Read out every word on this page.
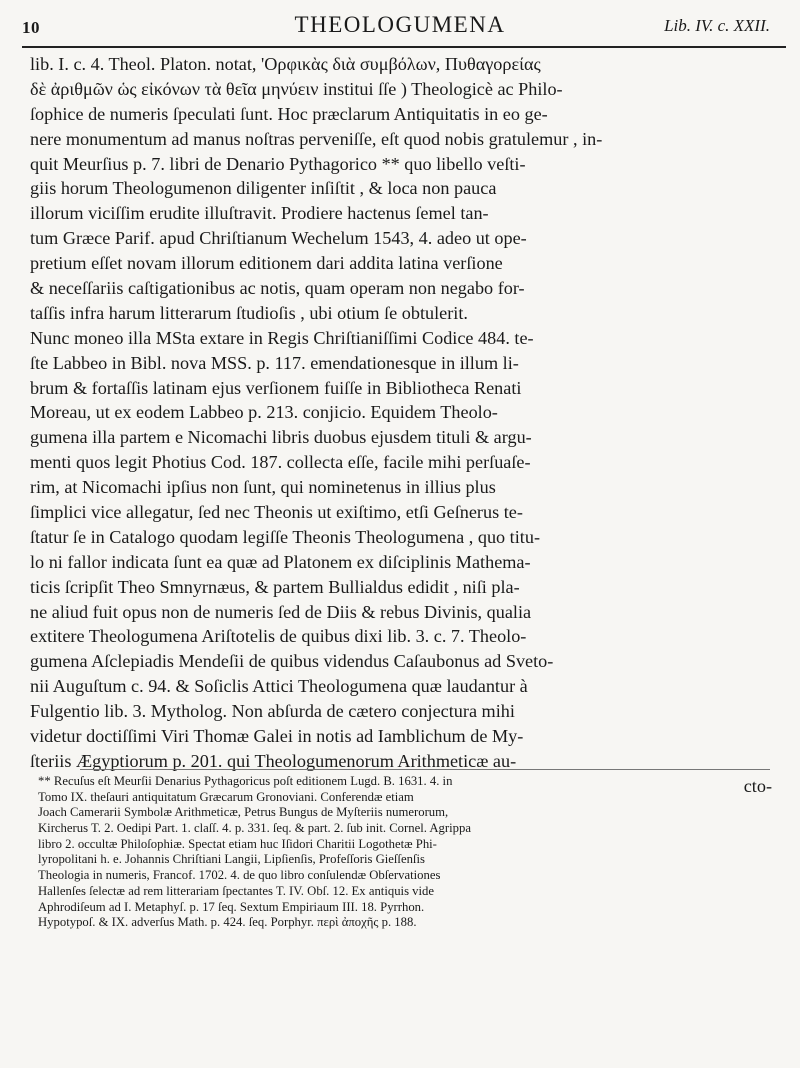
10	THEOLOGUMENA	Lib. IV. c. XXII.
lib. I. c. 4. Theol. Platon. notat, 'Ορφικὰς διὰ συμβόλων, Πυθαγορείας
δὲ ἀριθμῶν ὡς εἰκόνων τὰ θεῖα μηνύειν institui ſſe ) Theologicè ac Philo-
ſophice de numeris ſpeculati ſunt. Hoc præclarum Antiquitatis in eo ge-
nere monumentum ad manus noſtras perveniſſe, eſt quod nobis gratulemur , in-
quit Meurſius p. 7. libri de Denario Pythagorico ** quo libello veſti-
giis horum Theologumenon diligenter inſiſtit , & loca non pauca
illorum viciſſim erudite illuſtravit. Prodiere hactenus ſemel tan-
tum Græce Parif. apud Chriſtianum Wechelum 1543, 4. adeo ut ope-
pretium eſſet novam illorum editionem dari addita latina verſione
& neceſſariis caſtigationibus ac notis, quam operam non negabo for-
taſſis infra harum litterarum ſtudioſis , ubi otium ſe obtulerit.
Nunc moneo illa MSta extare in Regis Chriſtianiſſimi Codice 484. te-
ſte Labbeo in Bibl. nova MSS. p. 117. emendationesque in illum li-
brum & fortaſſis latinam ejus verſionem fuiſſe in Bibliotheca Renati
Moreau, ut ex eodem Labbeo p. 213. conjicio. Equidem Theolo-
gumena illa partem e Nicomachi libris duobus ejusdem tituli & argu-
menti quos legit Photius Cod. 187. collecta eſſe, facile mihi perſuaſe-
rim, at Nicomachi ipſius non ſunt, qui nominetenus in illius plus
ſimplici vice allegatur, ſed nec Theonis ut exiſtimo, etſi Geſnerus te-
ſtatur ſe in Catalogo quodam legiſſe Theonis Theologumena , quo titu-
lo ni fallor indicata ſunt ea quæ ad Platonem ex diſciplinis Mathema-
ticis ſcripſit Theo Smnyrnæus, & partem Bullialdus edidit , niſi pla-
ne aliud fuit opus non de numeris ſed de Diis & rebus Divinis, qualia
extitere Theologumena Ariſtotelis de quibus dixi lib. 3. c. 7. Theolo-
gumena Aſclepiadis Mendeſii de quibus videndus Caſaubonus ad Sveto-
nii Auguſtum c. 94. & Soſiclis Attici Theologumena quæ laudantur à
Fulgentio lib. 3. Mytholog. Non abſurda de cætero conjectura mihi
videtur doctiſſimi Viri Thomæ Galei in notis ad Iamblichum de My-
ſteriis Ægyptiorum p. 201. qui Theologumenorum Arithmeticæ au-
cto-
** Recuſus eſt Meurſii Denarius Pythagoricus poſt editionem Lugd. B. 1631. 4. in
Tomo IX. theſauri antiquitatum Græcarum Gronoviani. Conferendæ etiam
Joach Camerarii Symbolæ Arithmeticæ, Petrus Bungus de Myſteriis numerorum,
Kircherus T. 2. Oedipi Part. 1. claſſ. 4. p. 331. ſeq. & part. 2. ſub init. Cornel. Agrippa
libro 2. occultæ Philoſophiæ. Spectat etiam huc Iſidori Charitii Logothetæ Phi-
lyropolitani h. e. Johannis Chriſtiani Langii, Lipſienſis, Profeſſoris Gieſſenſis
Theologia in numeris, Francof. 1702. 4. de quo libro conſulendæ Obſervationes
Hallenſes ſelectæ ad rem litterariam ſpectantes T. IV. Obſ. 12. Ex antiquis vide
Aphrodiſeum ad I. Metaphyſ. p. 17 ſeq. Sextum Empiriaum III. 18. Pyrrhon.
Hypotypoſ. & IX. adverſus Math. p. 424. ſeq. Porphyr. περὶ ἀποχῆς p. 188.
